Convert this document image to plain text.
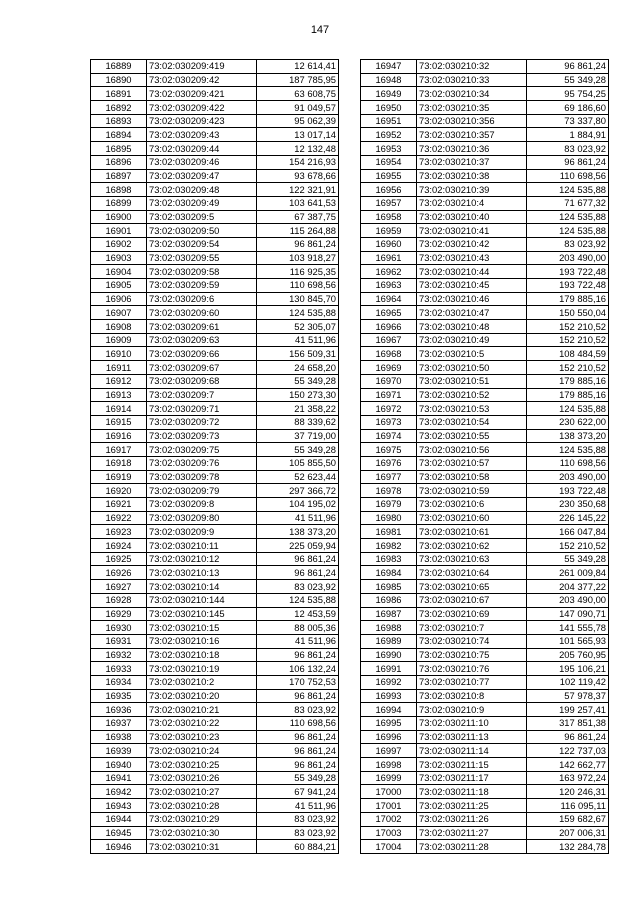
147
16889	73:02:030209:419	12 614,41
16890	73:02:030209:42	187 785,95
16891	73:02:030209:421	63 608,75
16892	73:02:030209:422	91 049,57
16893	73:02:030209:423	95 062,39
16894	73:02:030209:43	13 017,14
16895	73:02:030209:44	12 132,48
16896	73:02:030209:46	154 216,93
16897	73:02:030209:47	93 678,66
16898	73:02:030209:48	122 321,91
16899	73:02:030209:49	103 641,53
16900	73:02:030209:5	67 387,75
16901	73:02:030209:50	115 264,88
16902	73:02:030209:54	96 861,24
16903	73:02:030209:55	103 918,27
16904	73:02:030209:58	116 925,35
16905	73:02:030209:59	110 698,56
16906	73:02:030209:6	130 845,70
16907	73:02:030209:60	124 535,88
16908	73:02:030209:61	52 305,07
16909	73:02:030209:63	41 511,96
16910	73:02:030209:66	156 509,31
16911	73:02:030209:67	24 658,20
16912	73:02:030209:68	55 349,28
16913	73:02:030209:7	150 273,30
16914	73:02:030209:71	21 358,22
16915	73:02:030209:72	88 339,62
16916	73:02:030209:73	37 719,00
16917	73:02:030209:75	55 349,28
16918	73:02:030209:76	105 855,50
16919	73:02:030209:78	52 623,44
16920	73:02:030209:79	297 366,72
16921	73:02:030209:8	104 195,02
16922	73:02:030209:80	41 511,96
16923	73:02:030209:9	138 373,20
16924	73:02:030210:11	225 059,94
16925	73:02:030210:12	96 861,24
16926	73:02:030210:13	96 861,24
16927	73:02:030210:14	83 023,92
16928	73:02:030210:144	124 535,88
16929	73:02:030210:145	12 453,59
16930	73:02:030210:15	88 005,36
16931	73:02:030210:16	41 511,96
16932	73:02:030210:18	96 861,24
16933	73:02:030210:19	106 132,24
16934	73:02:030210:2	170 752,53
16935	73:02:030210:20	96 861,24
16936	73:02:030210:21	83 023,92
16937	73:02:030210:22	110 698,56
16938	73:02:030210:23	96 861,24
16939	73:02:030210:24	96 861,24
16940	73:02:030210:25	96 861,24
16941	73:02:030210:26	55 349,28
16942	73:02:030210:27	67 941,24
16943	73:02:030210:28	41 511,96
16944	73:02:030210:29	83 023,92
16945	73:02:030210:30	83 023,92
16946	73:02:030210:31	60 884,21
16947	73:02:030210:32	96 861,24
16948	73:02:030210:33	55 349,28
16949	73:02:030210:34	95 754,25
16950	73:02:030210:35	69 186,60
16951	73:02:030210:356	73 337,80
16952	73:02:030210:357	1 884,91
16953	73:02:030210:36	83 023,92
16954	73:02:030210:37	96 861,24
16955	73:02:030210:38	110 698,56
16956	73:02:030210:39	124 535,88
16957	73:02:030210:4	71 677,32
16958	73:02:030210:40	124 535,88
16959	73:02:030210:41	124 535,88
16960	73:02:030210:42	83 023,92
16961	73:02:030210:43	203 490,00
16962	73:02:030210:44	193 722,48
16963	73:02:030210:45	193 722,48
16964	73:02:030210:46	179 885,16
16965	73:02:030210:47	150 550,04
16966	73:02:030210:48	152 210,52
16967	73:02:030210:49	152 210,52
16968	73:02:030210:5	108 484,59
16969	73:02:030210:50	152 210,52
16970	73:02:030210:51	179 885,16
16971	73:02:030210:52	179 885,16
16972	73:02:030210:53	124 535,88
16973	73:02:030210:54	230 622,00
16974	73:02:030210:55	138 373,20
16975	73:02:030210:56	124 535,88
16976	73:02:030210:57	110 698,56
16977	73:02:030210:58	203 490,00
16978	73:02:030210:59	193 722,48
16979	73:02:030210:6	230 350,68
16980	73:02:030210:60	226 145,22
16981	73:02:030210:61	166 047,84
16982	73:02:030210:62	152 210,52
16983	73:02:030210:63	55 349,28
16984	73:02:030210:64	261 009,84
16985	73:02:030210:65	204 377,22
16986	73:02:030210:67	203 490,00
16987	73:02:030210:69	147 090,71
16988	73:02:030210:7	141 555,78
16989	73:02:030210:74	101 565,93
16990	73:02:030210:75	205 760,95
16991	73:02:030210:76	195 106,21
16992	73:02:030210:77	102 119,42
16993	73:02:030210:8	57 978,37
16994	73:02:030210:9	199 257,41
16995	73:02:030211:10	317 851,38
16996	73:02:030211:13	96 861,24
16997	73:02:030211:14	122 737,03
16998	73:02:030211:15	142 662,77
16999	73:02:030211:17	163 972,24
17000	73:02:030211:18	120 246,31
17001	73:02:030211:25	116 095,11
17002	73:02:030211:26	159 682,67
17003	73:02:030211:27	207 006,31
17004	73:02:030211:28	132 284,78
